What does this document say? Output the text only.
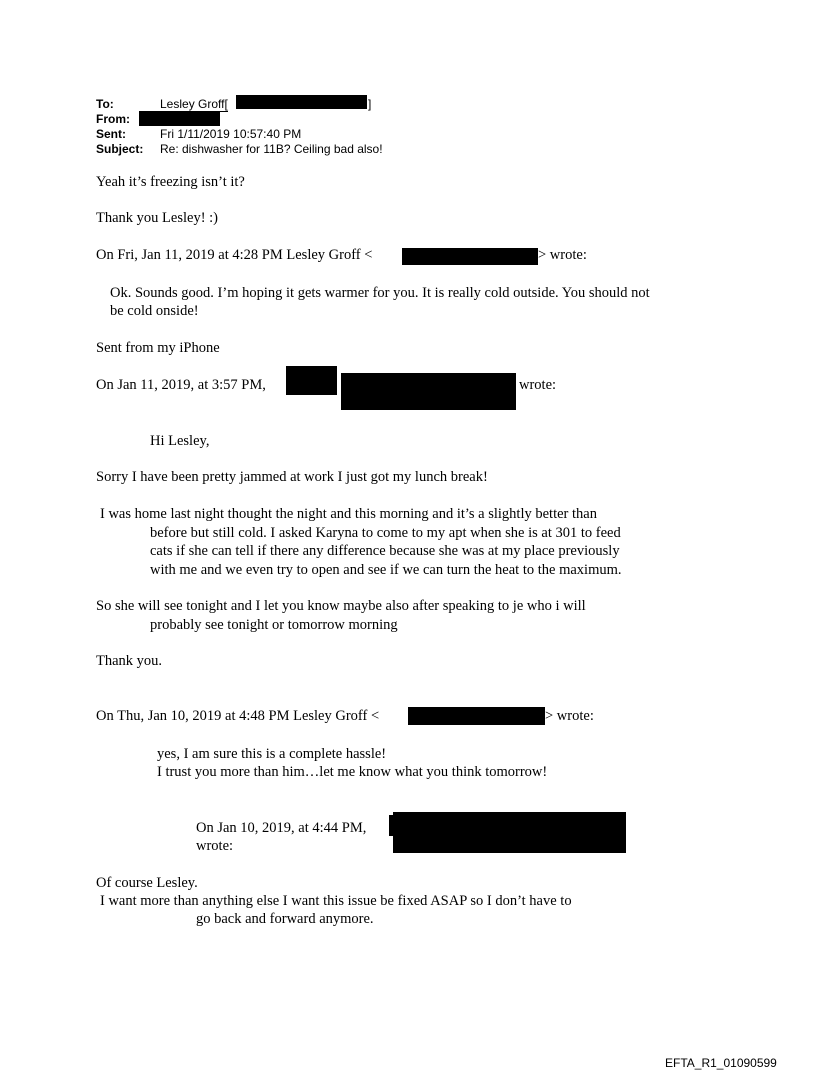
To:	Lesley Groff[	]
From:
Sent:	Fri 1/11/2019 10:57:40 PM
Subject: Re: dishwasher for 11B? Ceiling bad also!
Yeah it’s freezing isn’t it?
Thank you Lesley! :)
On Fri, Jan 11, 2019 at 4:28 PM Lesley Groff <	> wrote:
Ok. Sounds good. I’m hoping it gets warmer for you. It is really cold outside. You should not
be cold onside!
Sent from my iPhone
On Jan 11, 2019, at 3:57 PM,	wrote:
Hi Lesley,
Sorry I have been pretty jammed at work I just got my lunch break!
I was home last night thought the night and this morning and it’s a slightly better than
before but still cold. I asked Karyna to come to my apt when she is at 301 to feed
cats if she can tell if there any difference because she was at my place previously
with me and we even try to open and see if we can turn the heat to the maximum.
So she will see tonight and I let you know maybe also after speaking to je who i will
probably see tonight or tomorrow morning
Thank you.
On Thu, Jan 10, 2019 at 4:48 PM Lesley Groff <	> wrote:
yes, I am sure this is a complete hassle!
I trust you more than him…let me know what you think tomorrow!
On Jan 10, 2019, at 4:44 PM,
wrote:
Of course Lesley.
I want more than anything else I want this issue be fixed ASAP so I don’t have to
go back and forward anymore.
EFTA_R1_01090599
